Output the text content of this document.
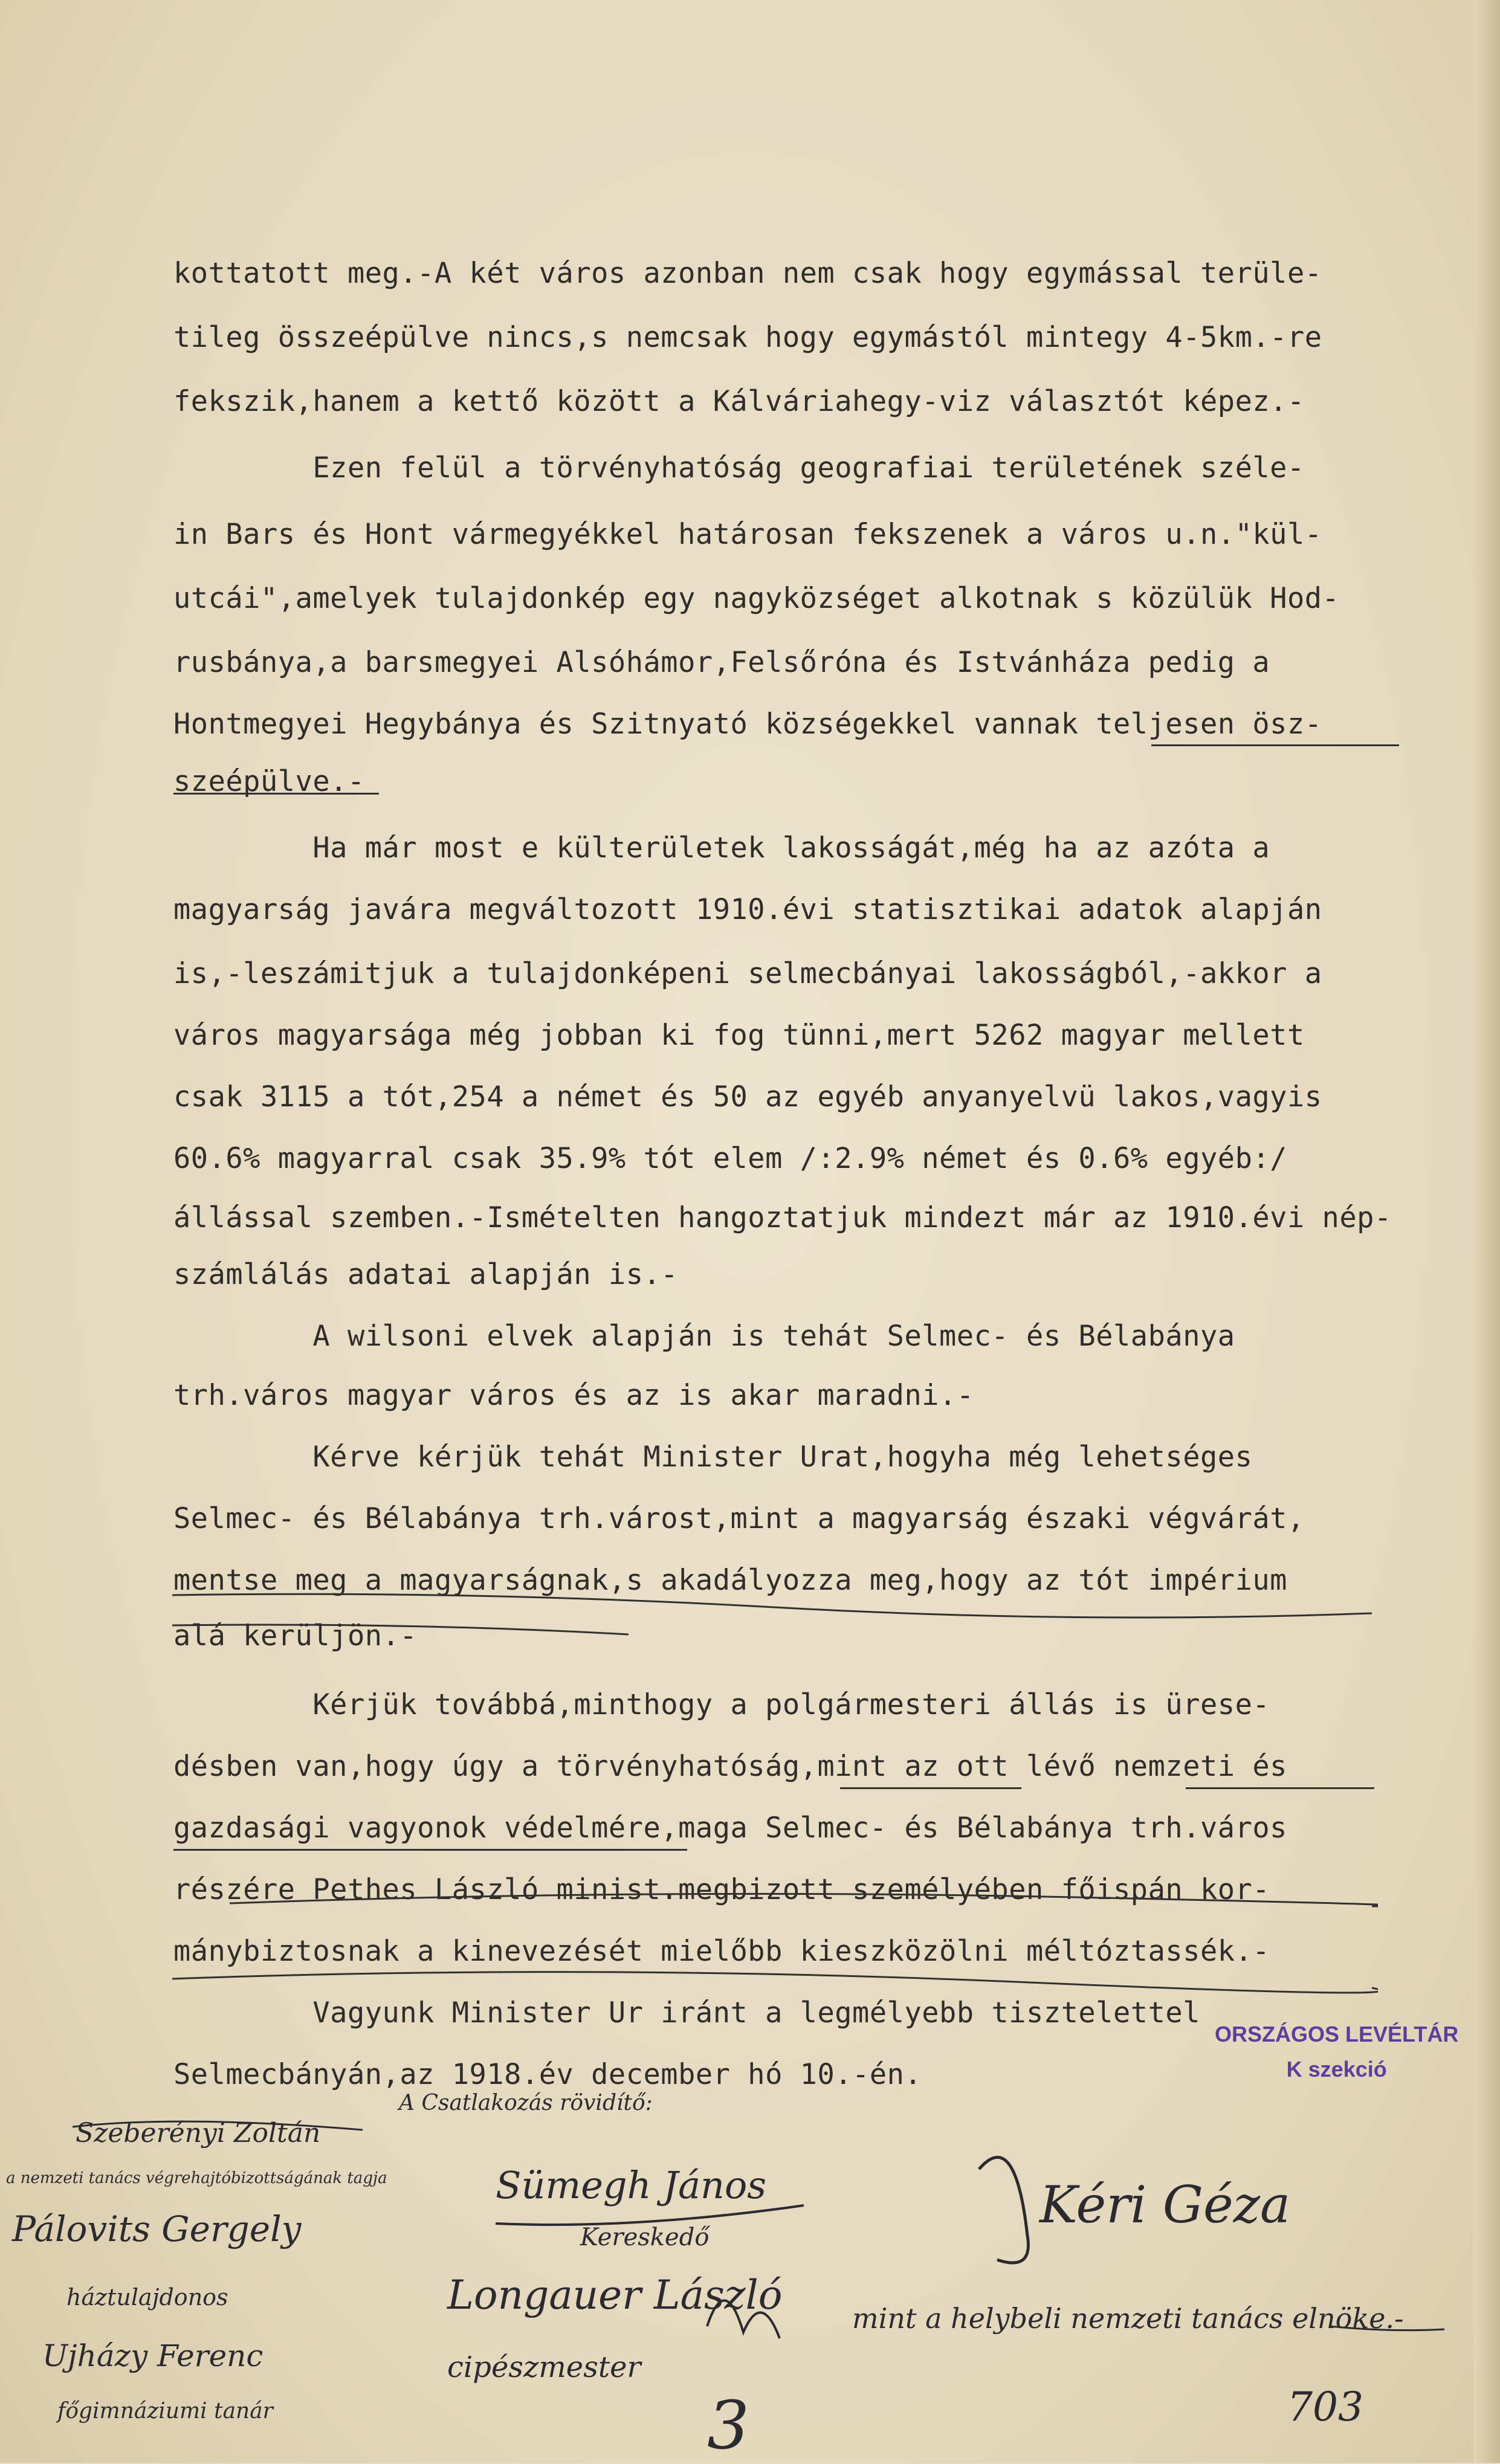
kottatott meg.-A két város azonban nem csak hogy egymással terüle-

tileg összeépülve nincs,s nemcsak hogy egymástól mintegy 4-5km.-re

fekszik,hanem a kettő között a Kálváriahegy-viz választót képez.-

Ezen felül a törvényhatóság geografiai területének széle-

in Bars és Hont vármegyékkel határosan fekszenek a város u.n."kül-

utcái",amelyek tulajdonkép egy nagyközséget alkotnak s közülük Hod-

rusbánya,a barsmegyei Alsóhámor,Felsőróna és Istvánháza pedig a

Hontmegyei Hegybánya és Szitnyató községekkel vannak teljesen ösz-

szeépülve.-

Ha már most e külterületek lakosságát,még ha az azóta a

magyarság javára megváltozott 1910.évi statisztikai adatok alapján

is,-leszámitjuk a tulajdonképeni selmecbányai lakosságból,-akkor a

város magyarsága még jobban ki fog tünni,mert 5262 magyar mellett

csak 3115 a tót,254 a német és 50 az egyéb anyanyelvü lakos,vagyis

60.6% magyarral csak 35.9% tót elem /:2.9% német és 0.6% egyéb:/

állással szemben.-Ismételten hangoztatjuk mindezt már az 1910.évi nép-

számlálás adatai alapján is.-

A wilsoni elvek alapján is tehát Selmec- és Bélabánya

trh.város magyar város és az is akar maradni.-

Kérve kérjük tehát Minister Urat,hogyha még lehetséges

Selmec- és Bélabánya trh.várost,mint a magyarság északi végvárát,

mentse meg a magyarságnak,s akadályozza meg,hogy az tót impérium

alá kerüljön.-

Kérjük továbbá,minthogy a polgármesteri állás is üresе-

désben van,hogy úgy a törvényhatóság,mint az ott lévő nemzeti és

gazdasági vagyonok védelmére,maga Selmec- és Bélabánya trh.város

részére Pethes László minist.megbizott személyében főispán kor-

mánybiztosnak a kinevezését mielőbb kieszközölni méltóztassék.-

Vagyunk Minister Ur iránt a legmélyebb tisztelettel

Selmecbányán,az 1918.év december hó 10.-én.

ORSZÁGOS LEVÉLTÁR
K szekció
Szeberényi Zoltán
a nemzeti tanács végrehajtóbizottságának tagja
Pálovits Gergely
háztulajdonos
Ujházy Ferenc
főgimnáziumi tanár
A Csatlakozás rövidítő:
Sümegh János
Kereskedő
Longauer László
cipészmester
Kéri Géza
mint a helybeli nemzeti tanács elnöke.-
3	703
